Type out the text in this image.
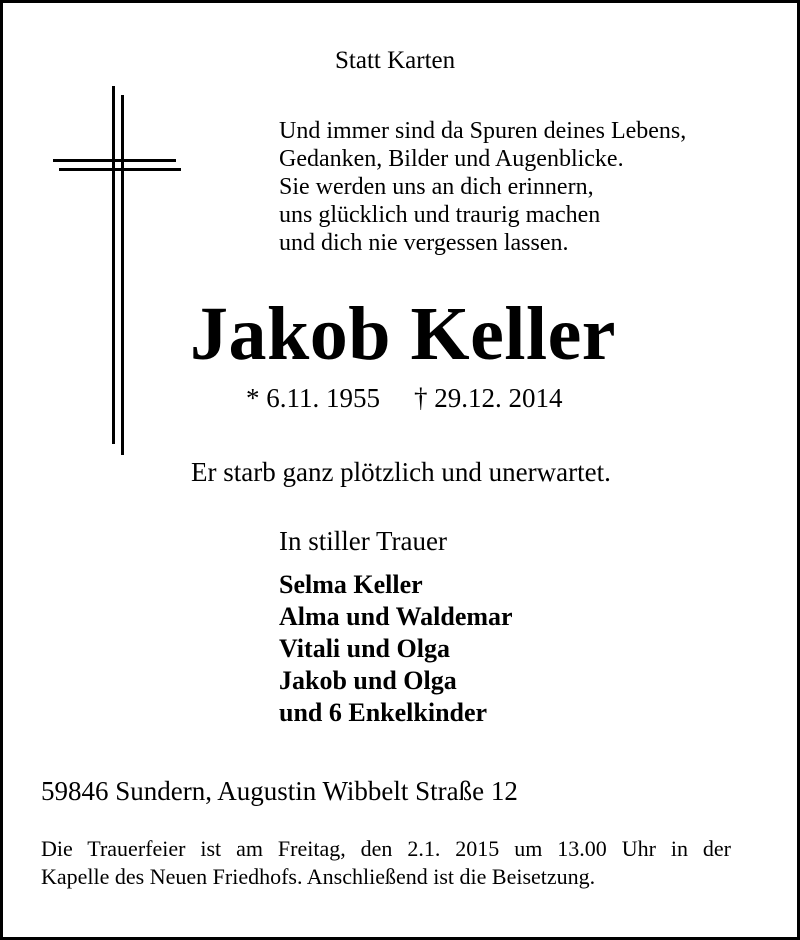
Statt Karten
Und immer sind da Spuren deines Lebens,
Gedanken, Bilder und Augenblicke.
Sie werden uns an dich erinnern,
uns glücklich und traurig machen
und dich nie vergessen lassen.
Jakob Keller
* 6.11. 1955 † 29.12. 2014
Er starb ganz plötzlich und unerwartet.
In stiller Trauer
Selma Keller
Alma und Waldemar
Vitali und Olga
Jakob und Olga
und 6 Enkelkinder
59846 Sundern, Augustin Wibbelt Straße 12
Die Trauerfeier ist am Freitag, den 2.1. 2015 um 13.00 Uhr in der
Kapelle des Neuen Friedhofs. Anschließend ist die Beisetzung.
